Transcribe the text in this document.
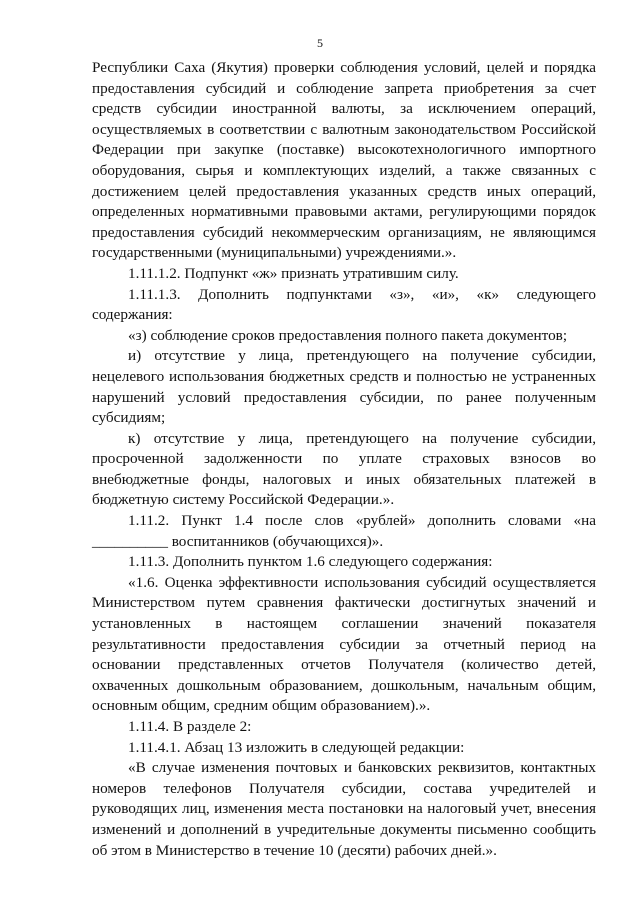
5

Республики Саха (Якутия) проверки соблюдения условий, целей и порядка предоставления субсидий и соблюдение запрета приобретения за счет средств субсидии иностранной валюты, за исключением операций, осуществляемых в соответствии с валютным законодательством Российской Федерации при закупке (поставке) высокотехнологичного импортного оборудования, сырья и комплектующих изделий, а также связанных с достижением целей предоставления указанных средств иных операций, определенных нормативными правовыми актами, регулирующими порядок предоставления субсидий некоммерческим организациям, не являющимся государственными (муниципальными) учреждениями.».

1.11.1.2. Подпункт «ж» признать утратившим силу.

1.11.1.3. Дополнить подпунктами «з», «и», «к» следующего содержания:

«з) соблюдение сроков предоставления полного пакета документов;

и) отсутствие у лица, претендующего на получение субсидии, нецелевого использования бюджетных средств и полностью не устраненных нарушений условий предоставления субсидии, по ранее полученным субсидиям;

к) отсутствие у лица, претендующего на получение субсидии, просроченной задолженности по уплате страховых взносов во внебюджетные фонды, налоговых и иных обязательных платежей в бюджетную систему Российской Федерации.».

1.11.2. Пункт 1.4 после слов «рублей» дополнить словами «на __________ воспитанников (обучающихся)».

1.11.3. Дополнить пунктом 1.6 следующего содержания:

«1.6. Оценка эффективности использования субсидий осуществляется Министерством путем сравнения фактически достигнутых значений и установленных в настоящем соглашении значений показателя результативности предоставления субсидии за отчетный период на основании представленных отчетов Получателя (количество детей, охваченных дошкольным образованием, дошкольным, начальным общим, основным общим, средним общим образованием).».

1.11.4. В разделе 2:

1.11.4.1. Абзац 13 изложить в следующей редакции:

«В случае изменения почтовых и банковских реквизитов, контактных номеров телефонов Получателя субсидии, состава учредителей и руководящих лиц, изменения места постановки на налоговый учет, внесения изменений и дополнений в учредительные документы письменно сообщить об этом в Министерство в течение 10 (десяти) рабочих дней.».
